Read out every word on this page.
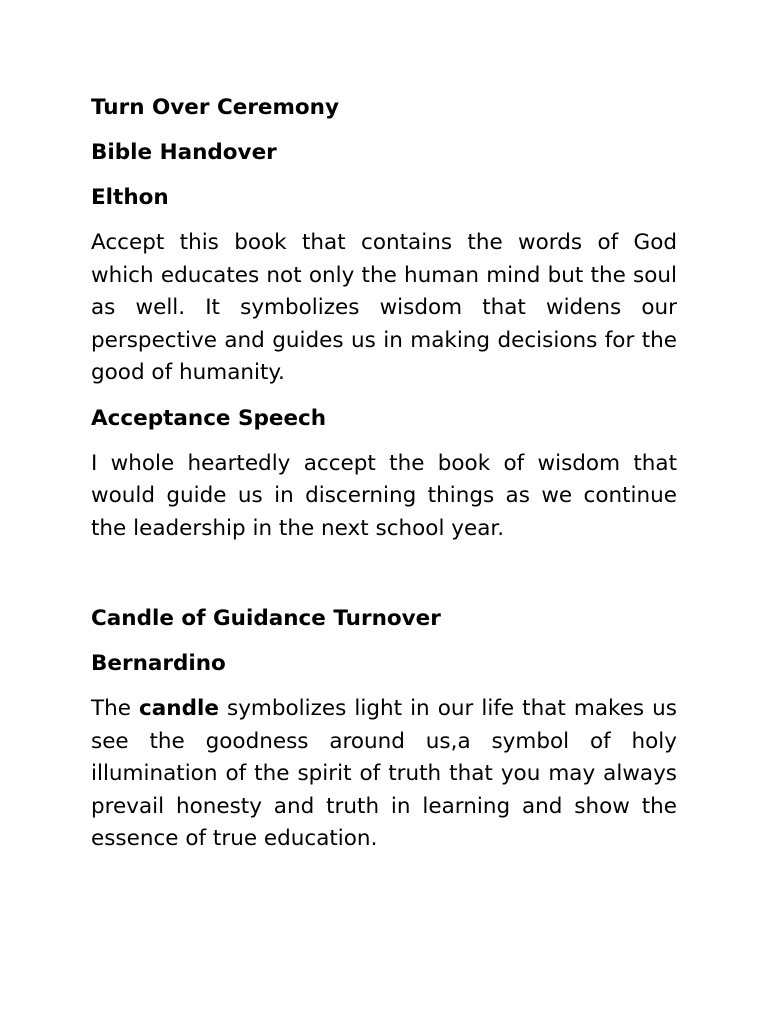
Turn Over Ceremony
Bible Handover
Elthon
Accept this book that contains the words of God which educates not only the human mind but the soul as well. It symbolizes wisdom that widens our perspective and guides us in making decisions for the good of humanity.
Acceptance Speech
I whole heartedly accept the book of wisdom that would guide us in discerning things as we continue the leadership in the next school year.
Candle of Guidance Turnover
Bernardino
The candle symbolizes light in our life that makes us see the goodness around us,a symbol of holy illumination of the spirit of truth that you may always prevail honesty and truth in learning and show the essence of true education.
